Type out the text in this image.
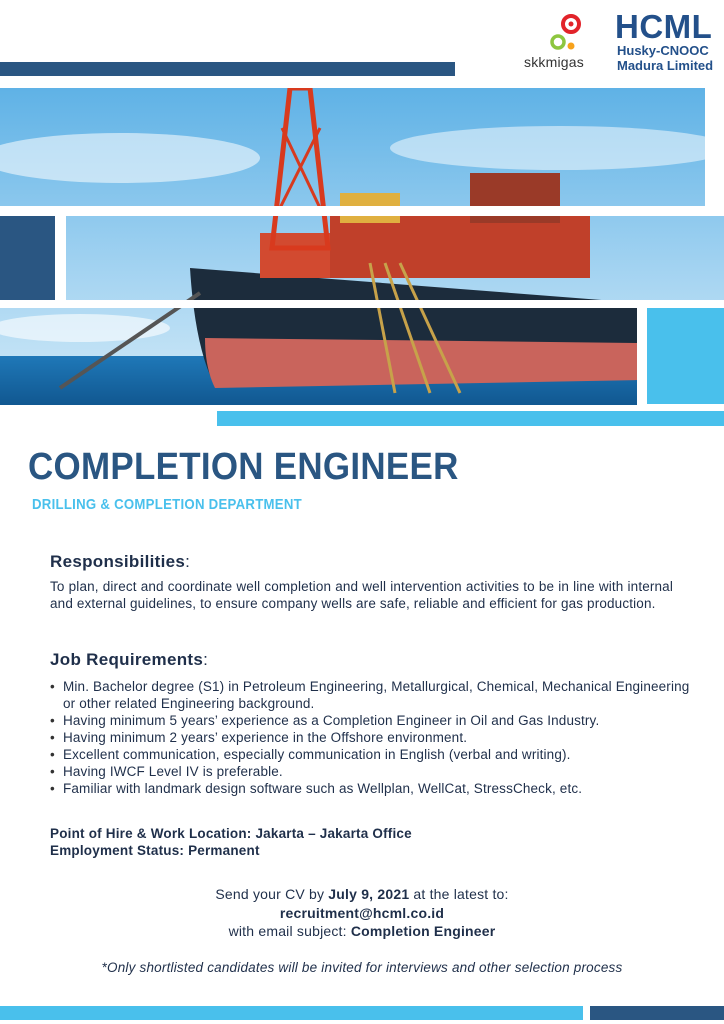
skkmigas
HCML
Husky-CNOOC
Madura Limited
COMPLETION ENGINEER
DRILLING & COMPLETION DEPARTMENT
Responsibilities:
To plan, direct and coordinate well completion and well intervention activities to be in line with internal and external guidelines, to ensure company wells are safe, reliable and efficient for gas production.
Job Requirements:
• Min. Bachelor degree (S1) in Petroleum Engineering, Metallurgical, Chemical, Mechanical Engineering or other related Engineering background.
• Having minimum 5 years’ experience as a Completion Engineer in Oil and Gas Industry.
• Having minimum 2 years’ experience in the Offshore environment.
• Excellent communication, especially communication in English (verbal and writing).
• Having IWCF Level IV is preferable.
• Familiar with landmark design software such as Wellplan, WellCat, StressCheck, etc.
Point of Hire & Work Location: Jakarta – Jakarta Office
Employment Status: Permanent
Send your CV by July 9, 2021 at the latest to:
recruitment@hcml.co.id
with email subject: Completion Engineer
*Only shortlisted candidates will be invited for interviews and other selection process
